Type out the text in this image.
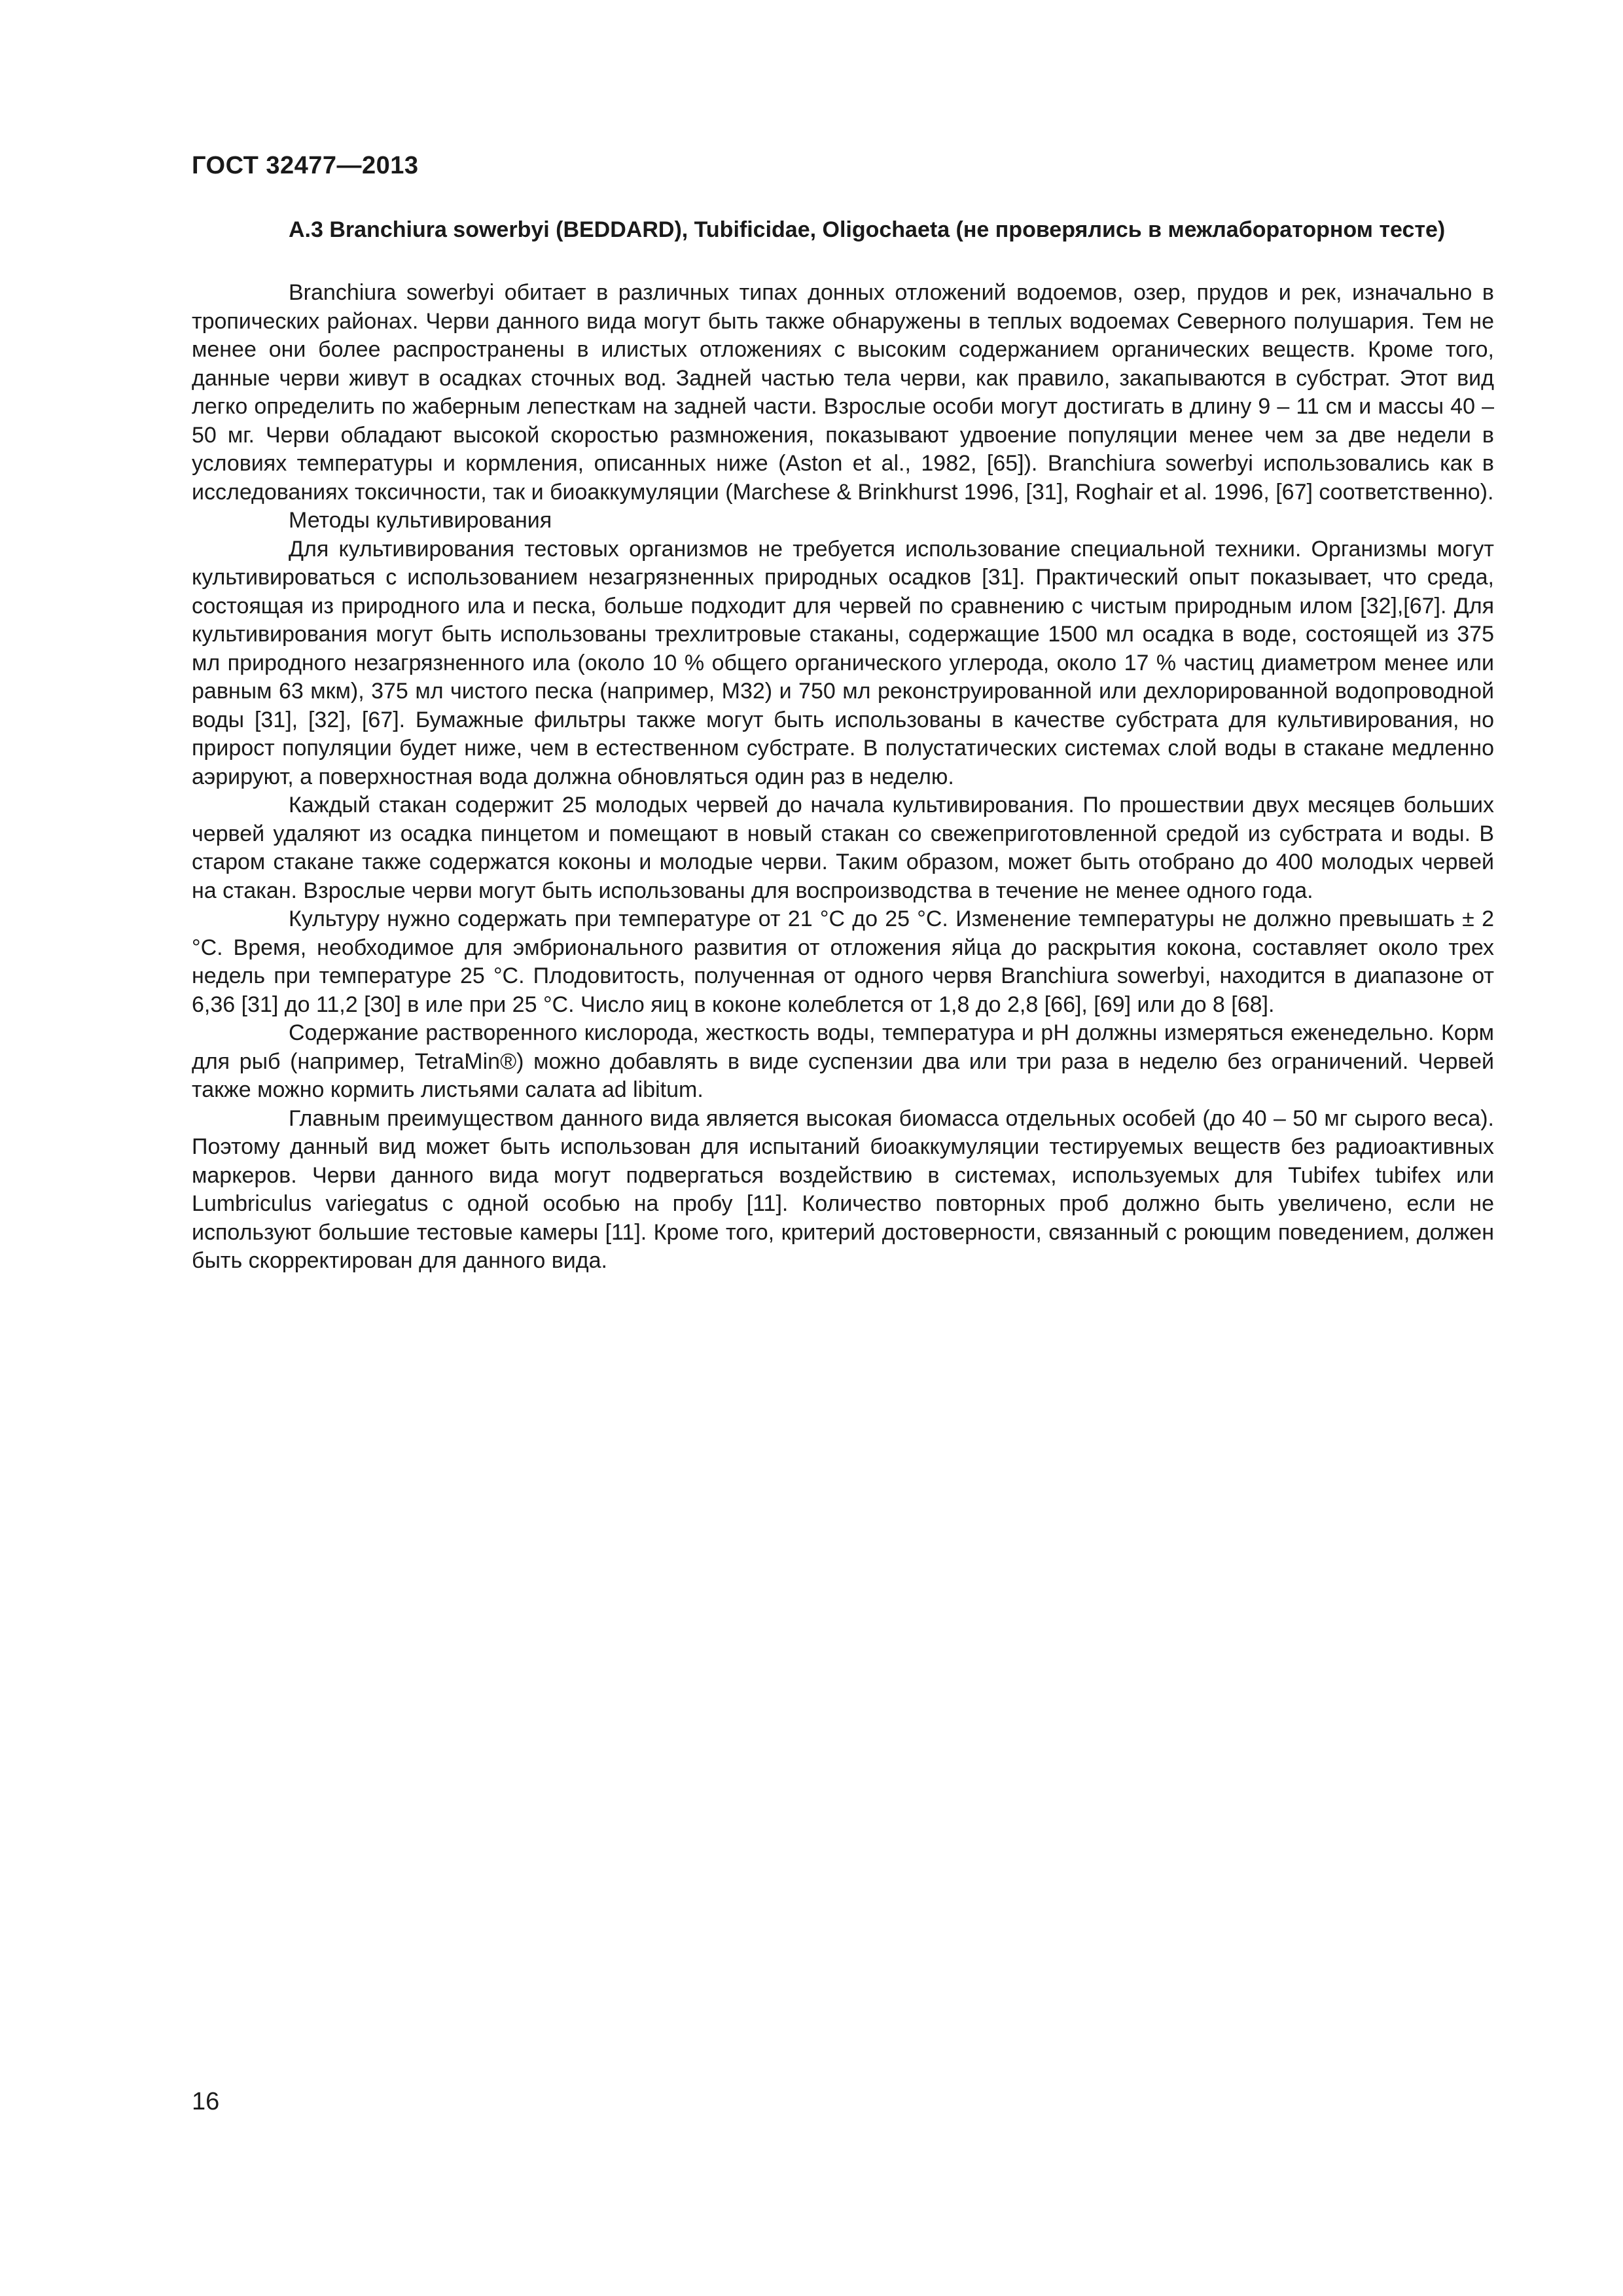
ГОСТ 32477—2013

А.3 Branchiura sowerbyi (BEDDARD), Tubificidae, Oligochaeta (не проверялись в межлабораторном тесте)

Branchiura sowerbyi обитает в различных типах донных отложений водоемов, озер, прудов и рек, изначально в тропических районах. Черви данного вида могут быть также обнаружены в теплых водоемах Северного полушария. Тем не менее они более распространены в илистых отложениях с высоким содержанием органических веществ. Кроме того, данные черви живут в осадках сточных вод. Задней частью тела черви, как правило, закапываются в субстрат. Этот вид легко определить по жаберным лепесткам на задней части. Взрослые особи могут достигать в длину 9 – 11 см и массы 40 – 50 мг. Черви обладают высокой скоростью размножения, показывают удвоение популяции менее чем за две недели в условиях температуры и кормления, описанных ниже (Aston et al., 1982, [65]). Branchiura sowerbyi использовались как в исследованиях токсичности, так и биоаккумуляции (Marchese & Brinkhurst 1996, [31], Roghair et al. 1996, [67] соответственно).

Методы культивирования

Для культивирования тестовых организмов не требуется использование специальной техники. Организмы могут культивироваться с использованием незагрязненных природных осадков [31]. Практический опыт показывает, что среда, состоящая из природного ила и песка, больше подходит для червей по сравнению с чистым природным илом [32],[67]. Для культивирования могут быть использованы трехлитровые стаканы, содержащие 1500 мл осадка в воде, состоящей из 375 мл природного незагрязненного ила (около 10 % общего органического углерода, около 17 % частиц диаметром менее или равным 63 мкм), 375 мл чистого песка (например, М32) и 750 мл реконструированной или дехлорированной водопроводной воды [31], [32], [67]. Бумажные фильтры также могут быть использованы в качестве субстрата для культивирования, но прирост популяции будет ниже, чем в естественном субстрате. В полустатических системах слой воды в стакане медленно аэрируют, а поверхностная вода должна обновляться один раз в неделю.

Каждый стакан содержит 25 молодых червей до начала культивирования. По прошествии двух месяцев больших червей удаляют из осадка пинцетом и помещают в новый стакан со свежеприготовленной средой из субстрата и воды. В старом стакане также содержатся коконы и молодые черви. Таким образом, может быть отобрано до 400 молодых червей на стакан. Взрослые черви могут быть использованы для воспроизводства в течение не менее одного года.

Культуру нужно содержать при температуре от 21 °С до 25 °С. Изменение температуры не должно превышать ± 2 °С. Время, необходимое для эмбрионального развития от отложения яйца до раскрытия кокона, составляет около трех недель при температуре 25 °С. Плодовитость, полученная от одного червя Branchiura sowerbyi, находится в диапазоне от 6,36 [31] до 11,2 [30] в иле при 25 °С. Число яиц в коконе колеблется от 1,8 до 2,8 [66], [69] или до 8 [68].

Содержание растворенного кислорода, жесткость воды, температура и рН должны измеряться еженедельно. Корм для рыб (например, TetraMin®) можно добавлять в виде суспензии два или три раза в неделю без ограничений. Червей также можно кормить листьями салата ad libitum.

Главным преимуществом данного вида является высокая биомасса отдельных особей (до 40 – 50 мг сырого веса). Поэтому данный вид может быть использован для испытаний биоаккумуляции тестируемых веществ без радиоактивных маркеров. Черви данного вида могут подвергаться воздействию в системах, используемых для Tubifex tubifex или Lumbriculus variegatus с одной особью на пробу [11]. Количество повторных проб должно быть увеличено, если не используют большие тестовые камеры [11]. Кроме того, критерий достоверности, связанный с роющим поведением, должен быть скорректирован для данного вида.

16
